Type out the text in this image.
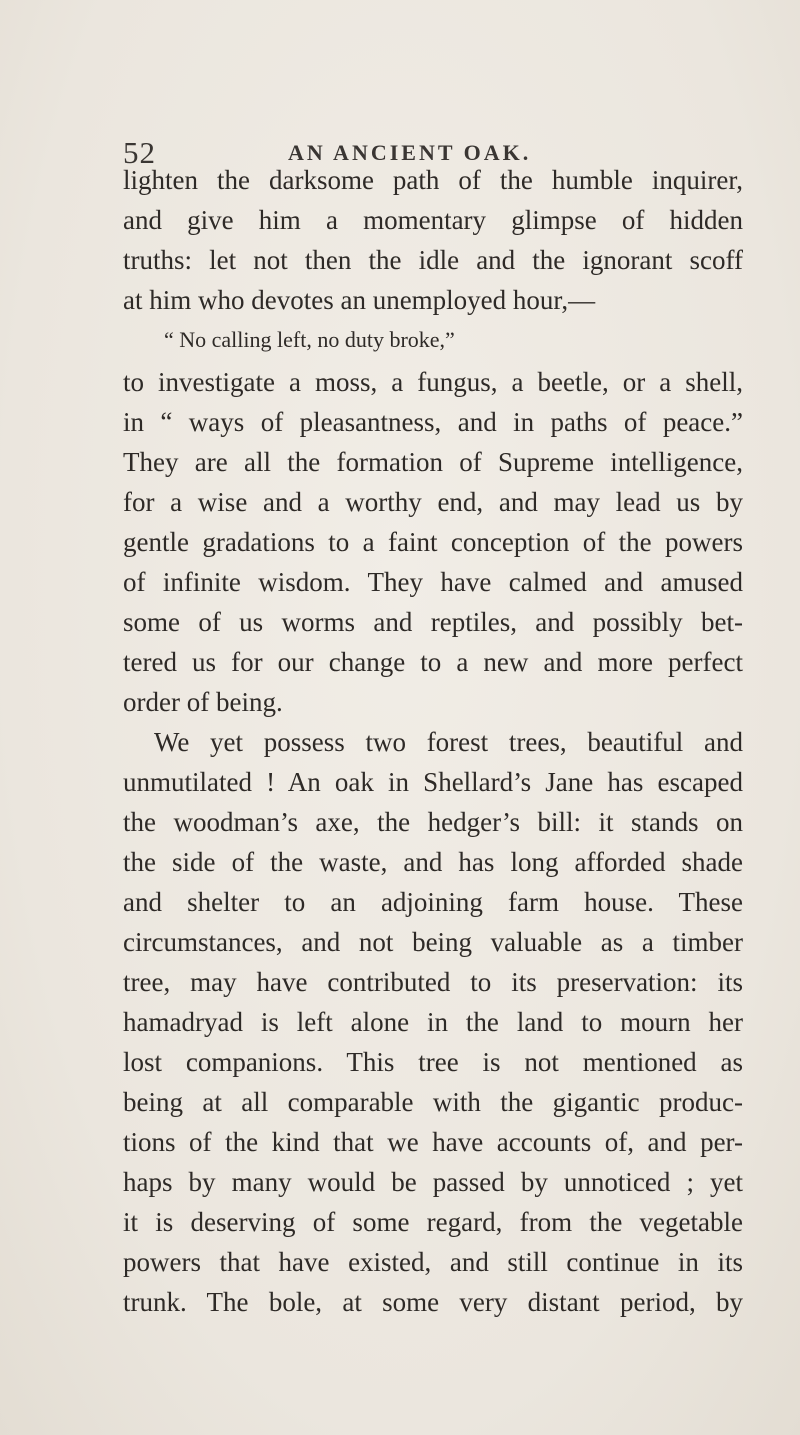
52	AN ANCIENT OAK.
lighten the darksome path of the humble inquirer,
and give him a momentary glimpse of hidden
truths: let not then the idle and the ignorant scoff
at him who devotes an unemployed hour,—
“ No calling left, no duty broke,”
to investigate a moss, a fungus, a beetle, or a shell,
in “ ways of pleasantness, and in paths of peace.”
They are all the formation of Supreme intelligence,
for a wise and a worthy end, and may lead us by
gentle gradations to a faint conception of the powers
of infinite wisdom. They have calmed and amused
some of us worms and reptiles, and possibly bet-
tered us for our change to a new and more perfect
order of being.
We yet possess two forest trees, beautiful and
unmutilated ! An oak in Shellard’s Jane has escaped
the woodman’s axe, the hedger’s bill: it stands on
the side of the waste, and has long afforded shade
and shelter to an adjoining farm house. These
circumstances, and not being valuable as a timber
tree, may have contributed to its preservation: its
hamadryad is left alone in the land to mourn her
lost companions. This tree is not mentioned as
being at all comparable with the gigantic produc-
tions of the kind that we have accounts of, and per-
haps by many would be passed by unnoticed ; yet
it is deserving of some regard, from the vegetable
powers that have existed, and still continue in its
trunk. The bole, at some very distant period, by
